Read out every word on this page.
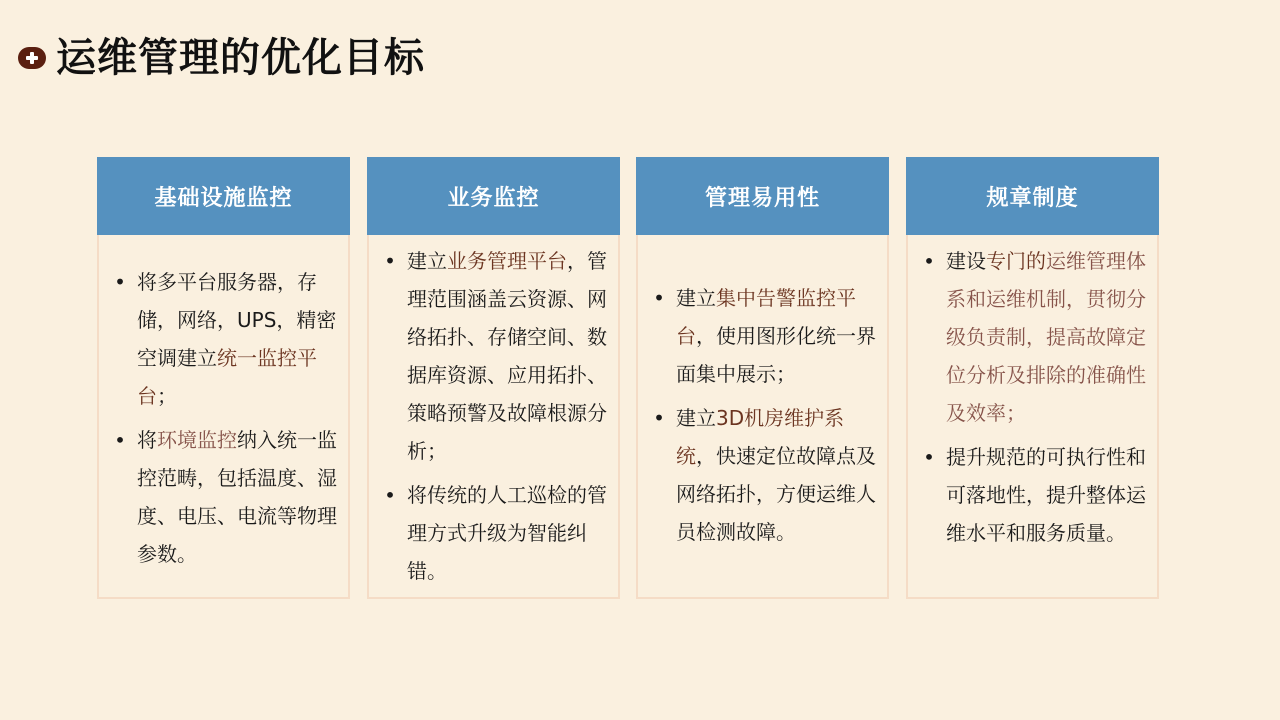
运维管理的优化目标
基础设施监控
• 将多平台服务器，存储，网络，UPS，精密空调建立统一监控平台；
• 将环境监控纳入统一监控范畴，包括温度、湿度、电压、电流等物理参数。
业务监控
• 建立业务管理平台，管理范围涵盖云资源、网络拓扑、存储空间、数据库资源、应用拓扑、策略预警及故障根源分析；
• 将传统的人工巡检的管理方式升级为智能纠错。
管理易用性
• 建立集中告警监控平台，使用图形化统一界面集中展示；
• 建立3D机房维护系统，快速定位故障点及网络拓扑，方便运维人员检测故障。
规章制度
• 建设专门的运维管理体系和运维机制，贯彻分级负责制，提高故障定位分析及排除的准确性及效率；
• 提升规范的可执行性和可落地性，提升整体运维水平和服务质量。
